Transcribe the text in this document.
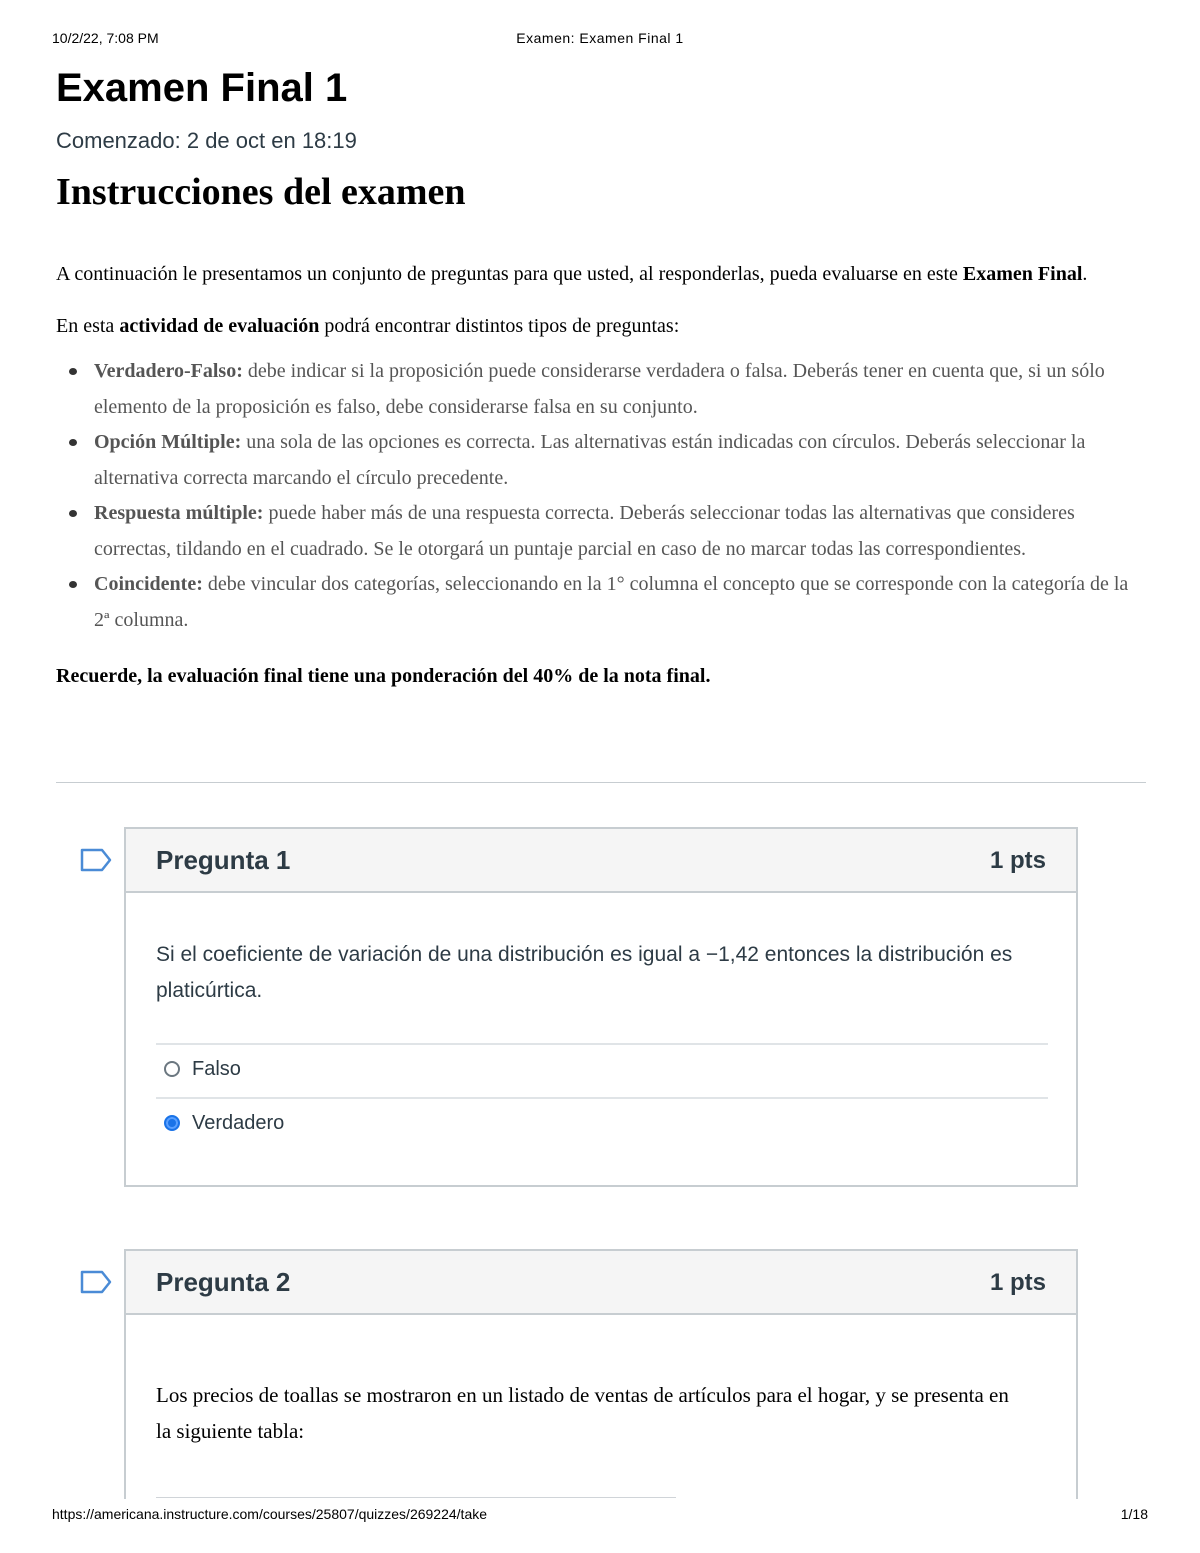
10/2/22, 7:08 PM	Examen: Examen Final 1
Examen Final 1
Comenzado: 2 de oct en 18:19
Instrucciones del examen
A continuación le presentamos un conjunto de preguntas para que usted, al responderlas, pueda evaluarse en este Examen Final.
En esta actividad de evaluación podrá encontrar distintos tipos de preguntas:
Verdadero-Falso: debe indicar si la proposición puede considerarse verdadera o falsa. Deberás tener en cuenta que, si un sólo elemento de la proposición es falso, debe considerarse falsa en su conjunto.
Opción Múltiple: una sola de las opciones es correcta. Las alternativas están indicadas con círculos. Deberás seleccionar la alternativa correcta marcando el círculo precedente.
Respuesta múltiple: puede haber más de una respuesta correcta. Deberás seleccionar todas las alternativas que consideres correctas, tildando en el cuadrado. Se le otorgará un puntaje parcial en caso de no marcar todas las correspondientes.
Coincidente: debe vincular dos categorías, seleccionando en la 1° columna el concepto que se corresponde con la categoría de la 2ª columna.
Recuerde, la evaluación final tiene una ponderación del 40% de la nota final.
Pregunta 1	1 pts
Si el coeficiente de variación de una distribución es igual a −1,42 entonces la distribución es platicúrtica.
Falso
Verdadero
Pregunta 2	1 pts
Los precios de toallas se mostraron en un listado de ventas de artículos para el hogar, y se presenta en la siguiente tabla:
https://americana.instructure.com/courses/25807/quizzes/269224/take	1/18
